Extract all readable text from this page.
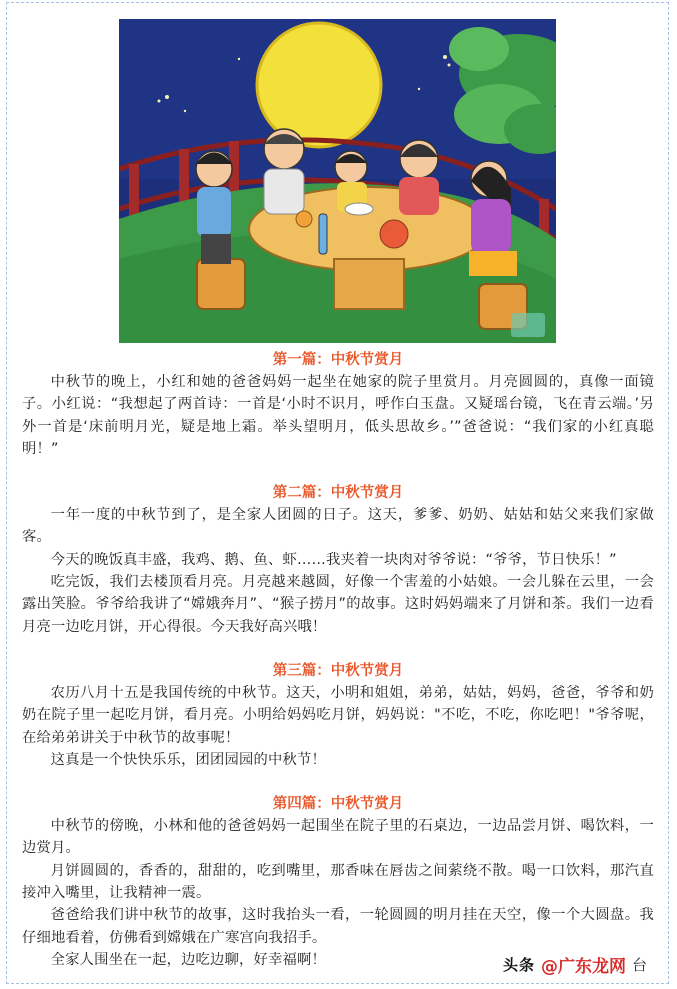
第一篇：中秋节赏月

中秋节的晚上，小红和她的爸爸妈妈一起坐在她家的院子里赏月。月亮圆圆的，真像一面镜子。小红说：“我想起了两首诗：一首是‘小时不识月，呼作白玉盘。又疑瑶台镜，飞在青云端。’另外一首是‘床前明月光，疑是地上霜。举头望明月，低头思故乡。’”爸爸说：“我们家的小红真聪明！”

第二篇：中秋节赏月

一年一度的中秋节到了，是全家人团圆的日子。这天，爹爹、奶奶、姑姑和姑父来我们家做客。

今天的晚饭真丰盛，我鸡、鹅、鱼、虾……我夹着一块肉对爷爷说：“爷爷，节日快乐！”

吃完饭，我们去楼顶看月亮。月亮越来越圆，好像一个害羞的小姑娘。一会儿躲在云里，一会露出笑脸。爷爷给我讲了“嫦娥奔月”、“猴子捞月”的故事。这时妈妈端来了月饼和茶。我们一边看月亮一边吃月饼，开心得很。今天我好高兴哦！

第三篇：中秋节赏月

农历八月十五是我国传统的中秋节。这天，小明和姐姐，弟弟，姑姑，妈妈，爸爸，爷爷和奶奶在院子里一起吃月饼，看月亮。小明给妈妈吃月饼，妈妈说："不吃，不吃，你吃吧！"爷爷呢，在给弟弟讲关于中秋节的故事呢！

这真是一个快快乐乐，团团园园的中秋节！

第四篇：中秋节赏月

中秋节的傍晚，小林和他的爸爸妈妈一起围坐在院子里的石桌边，一边品尝月饼、喝饮料，一边赏月。

月饼圆圆的，香香的，甜甜的，吃到嘴里，那香味在唇齿之间萦绕不散。喝一口饮料，那汽直接冲入嘴里，让我精神一震。

爸爸给我们讲中秋节的故事，这时我抬头一看，一轮圆圆的明月挂在天空，像一个大圆盘。我仔细地看着，仿佛看到嫦娥在广寒宫向我招手。

全家人围坐在一起，边吃边聊，好幸福啊！	头条 @广东龙网 台
